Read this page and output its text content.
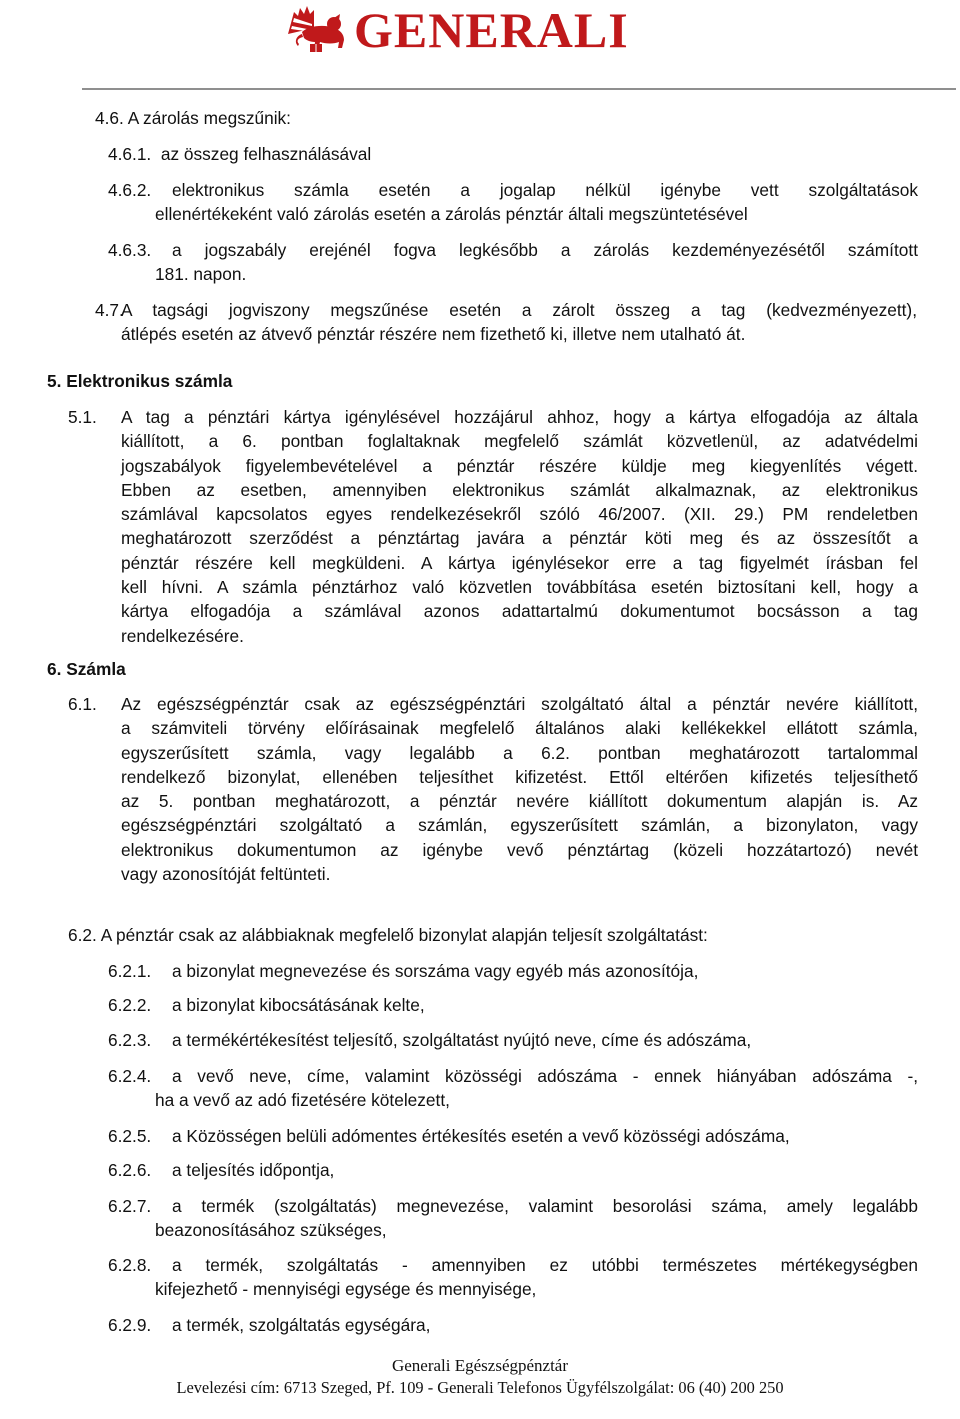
GENERALI
4.6. A zárolás megszűnik:
4.6.1. az összeg felhasználásával
4.6.2.	elektronikus számla esetén a jogalap nélkül igénybe vett szolgáltatások
ellenértékeként való zárolás esetén a zárolás pénztár általi megszüntetésével
4.6.3.	a jogszabály erejénél fogva legkésőbb a zárolás kezdeményezésétől számított
181. napon.
4.7.
A tagsági jogviszony megszűnése esetén a zárolt összeg a tag (kedvezményezett),
átlépés esetén az átvevő pénztár részére nem fizethető ki, illetve nem utalható át.
5. Elektronikus számla
5.1.	A tag a pénztári kártya igénylésével hozzájárul ahhoz, hogy a kártya elfogadója az általa
kiállított, a 6. pontban foglaltaknak megfelelő számlát közvetlenül, az adatvédelmi
jogszabályok figyelembevételével a pénztár részére küldje meg kiegyenlítés végett.
Ebben az esetben, amennyiben elektronikus számlát alkalmaznak, az elektronikus
számlával kapcsolatos egyes rendelkezésekről szóló 46/2007. (XII. 29.) PM rendeletben
meghatározott szerződést a pénztártag javára a pénztár köti meg és az összesítőt a
pénztár részére kell megküldeni. A kártya igénylésekor erre a tag figyelmét írásban fel
kell hívni. A számla pénztárhoz való közvetlen továbbítása esetén biztosítani kell, hogy a
kártya elfogadója a számlával azonos adattartalmú dokumentumot bocsásson a tag
rendelkezésére.
6. Számla
6.1.	Az egészségpénztár csak az egészségpénztári szolgáltató által a pénztár nevére kiállított,
a számviteli törvény előírásainak megfelelő általános alaki kellékekkel ellátott számla,
egyszerűsített számla, vagy legalább a 6.2. pontban meghatározott tartalommal
rendelkező bizonylat, ellenében teljesíthet kifizetést. Ettől eltérően kifizetés teljesíthető
az 5. pontban meghatározott, a pénztár nevére kiállított dokumentum alapján is. Az
egészségpénztári szolgáltató a számlán, egyszerűsített számlán, a bizonylaton, vagy
elektronikus dokumentumon az igénybe vevő pénztártag (közeli hozzátartozó) nevét
vagy azonosítóját feltünteti.
6.2. A pénztár csak az alábbiaknak megfelelő bizonylat alapján teljesít szolgáltatást:
6.2.1.	a bizonylat megnevezése és sorszáma vagy egyéb más azonosítója,
6.2.2.	a bizonylat kibocsátásának kelte,
6.2.3.	a termékértékesítést teljesítő, szolgáltatást nyújtó neve, címe és adószáma,
6.2.4.	a vevő neve, címe, valamint közösségi adószáma - ennek hiányában adószáma -,
ha a vevő az adó fizetésére kötelezett,
6.2.5.	a Közösségen belüli adómentes értékesítés esetén a vevő közösségi adószáma,
6.2.6.	a teljesítés időpontja,
6.2.7.	a termék (szolgáltatás) megnevezése, valamint besorolási száma, amely legalább
beazonosításához szükséges,
6.2.8.	a termék, szolgáltatás - amennyiben ez utóbbi természetes mértékegységben
kifejezhető - mennyiségi egysége és mennyisége,
6.2.9.	a termék, szolgáltatás egységára,
Generali Egészségpénztár
Levelezési cím: 6713 Szeged, Pf. 109 - Generali Telefonos Ügyfélszolgálat: 06 (40) 200 250
